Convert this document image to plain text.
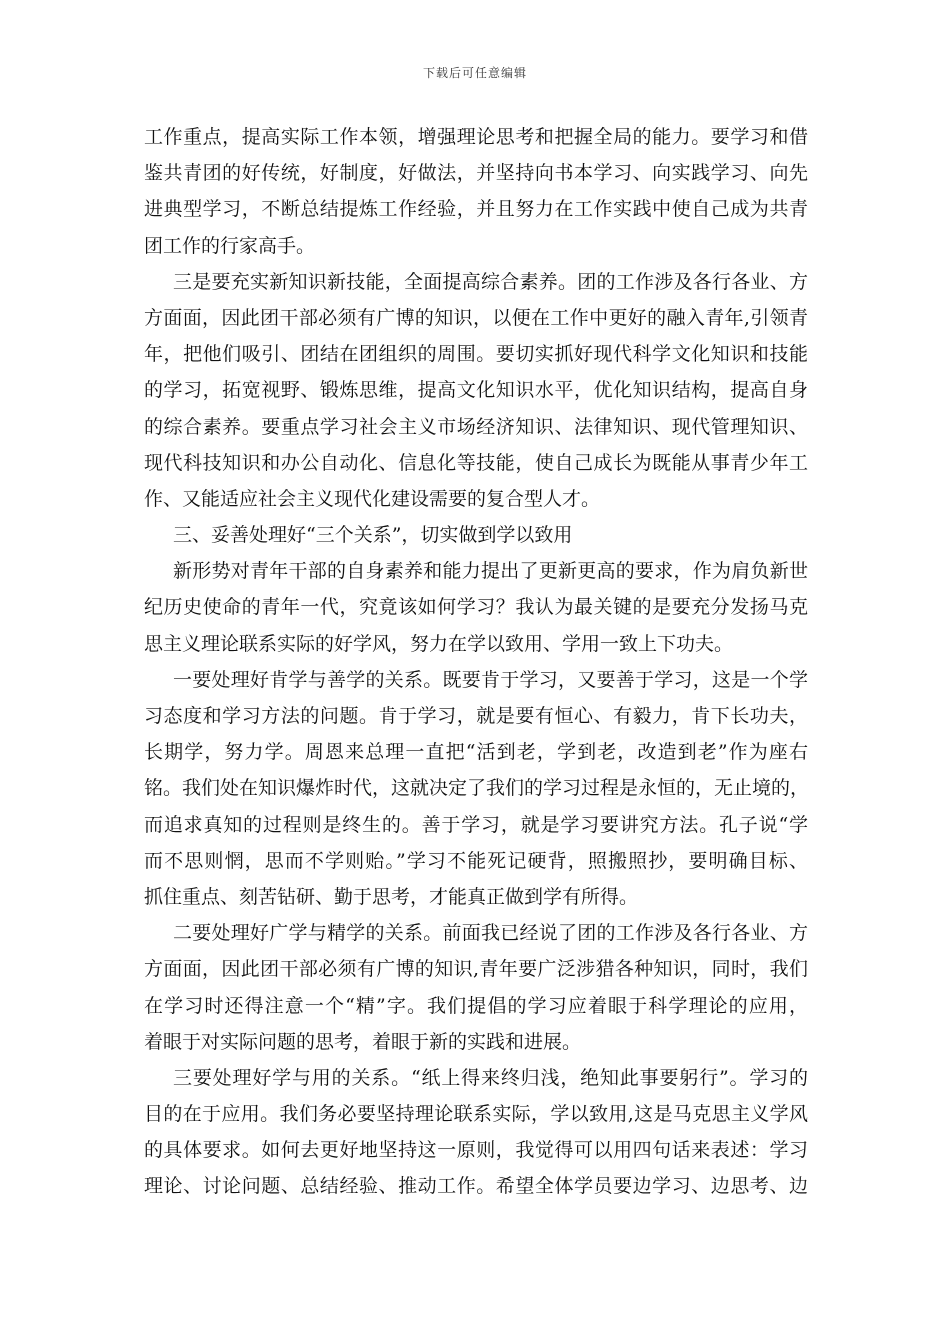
下载后可任意编辑
工作重点，提高实际工作本领，增强理论思考和把握全局的能力。要学习和借
鉴共青团的好传统，好制度，好做法，并坚持向书本学习、向实践学习、向先
进典型学习，不断总结提炼工作经验，并且努力在工作实践中使自己成为共青
团工作的行家高手。
三是要充实新知识新技能，全面提高综合素养。团的工作涉及各行各业、方
方面面，因此团干部必须有广博的知识，以便在工作中更好的融入青年,引领青
年，把他们吸引、团结在团组织的周围。要切实抓好现代科学文化知识和技能
的学习，拓宽视野、锻炼思维，提高文化知识水平，优化知识结构，提高自身
的综合素养。要重点学习社会主义市场经济知识、法律知识、现代管理知识、
现代科技知识和办公自动化、信息化等技能，使自己成长为既能从事青少年工
作、又能适应社会主义现代化建设需要的复合型人才。
三、妥善处理好“三个关系”，切实做到学以致用
新形势对青年干部的自身素养和能力提出了更新更高的要求，作为肩负新世
纪历史使命的青年一代，究竟该如何学习？我认为最关键的是要充分发扬马克
思主义理论联系实际的好学风，努力在学以致用、学用一致上下功夫。
一要处理好肯学与善学的关系。既要肯于学习，又要善于学习，这是一个学
习态度和学习方法的问题。肯于学习，就是要有恒心、有毅力，肯下长功夫，
长期学，努力学。周恩来总理一直把“活到老，学到老，改造到老”作为座右
铭。我们处在知识爆炸时代，这就决定了我们的学习过程是永恒的，无止境的，
而追求真知的过程则是终生的。善于学习，就是学习要讲究方法。孔子说“学
而不思则惘，思而不学则贻。”学习不能死记硬背，照搬照抄，要明确目标、
抓住重点、刻苦钻研、勤于思考，才能真正做到学有所得。
二要处理好广学与精学的关系。前面我已经说了团的工作涉及各行各业、方
方面面，因此团干部必须有广博的知识,青年要广泛涉猎各种知识，同时，我们
在学习时还得注意一个“精”字。我们提倡的学习应着眼于科学理论的应用，
着眼于对实际问题的思考，着眼于新的实践和进展。
三要处理好学与用的关系。“纸上得来终归浅，绝知此事要躬行”。学习的
目的在于应用。我们务必要坚持理论联系实际，学以致用,这是马克思主义学风
的具体要求。如何去更好地坚持这一原则，我觉得可以用四句话来表述：学习
理论、讨论问题、总结经验、推动工作。希望全体学员要边学习、边思考、边
